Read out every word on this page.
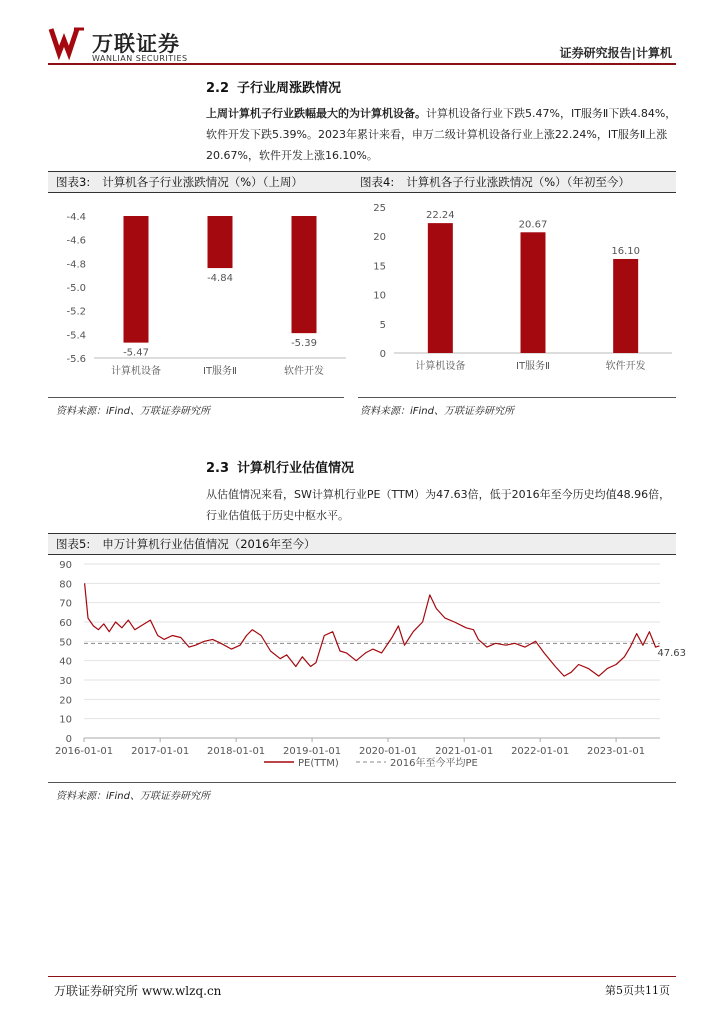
万联证券
WANLIAN SECURITIES	证券研究报告|计算机
2.2 子行业周涨跌情况
上周计算机子行业跌幅最大的为计算机设备。计算机设备行业下跌5.47%，IT服务Ⅱ下跌4.84%，软件开发下跌5.39%。2023年累计来看，申万二级计算机设备行业上涨22.24%，IT服务Ⅱ上涨20.67%，软件开发上涨16.10%。
图表3: 计算机各子行业涨跌情况（%）（上周）	图表4: 计算机各子行业涨跌情况（%）（年初至今）
-4.4
-4.6
-4.8
-5.0
-5.2
-5.4
-5.6
-5.47
计算机设备
-4.84
IT服务Ⅱ
-5.39
软件开发
25
20
15
10
5
0
22.24
计算机设备
20.67
IT服务Ⅱ
16.10
软件开发
资料来源：iFind、万联证券研究所	资料来源：iFind、万联证券研究所
2.3 计算机行业估值情况
从估值情况来看，SW计算机行业PE（TTM）为47.63倍，低于2016年至今历史均值48.96倍，行业估值低于历史中枢水平。
图表5: 申万计算机行业估值情况（2016年至今）
90
80
70
60
50
40
30
20
10
0
2016-01-01 2017-01-01 2018-01-01 2019-01-01 2020-01-01 2021-01-01 2022-01-01 2023-01-01
47.63
PE(TTM)	2016年至今平均PE
资料来源：iFind、万联证券研究所
万联证券研究所 www.wlzq.cn	第5页共11页
